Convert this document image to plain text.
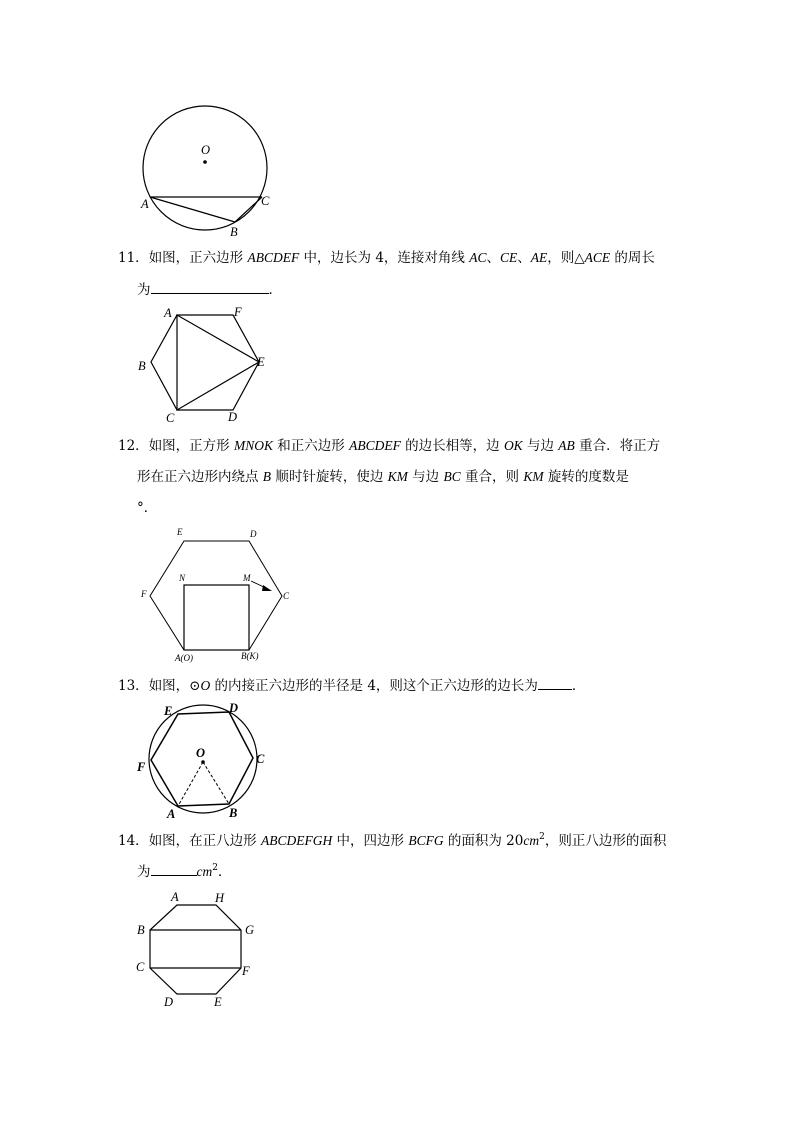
O
A
B
C
11．如图，正六边形 ABCDEF 中，边长为 4，连接对角线 AC、CE、AE，则△ACE 的周长
为	．
A	F
B	E
C	D
12．如图，正方形 MNOK 和正六边形 ABCDEF 的边长相等，边 OK 与边 AB 重合．将正方
形在正六边形内绕点 B 顺时针旋转，使边 KM 与边 BC 重合，则 KM 旋转的度数是
°．
E	D
F	C
N	M
A(O)	B(K)
13．如图，⊙O 的内接正六边形的半径是 4，则这个正六边形的边长为	．
E	D
O
F
C
A	B
14．如图，在正八边形 ABCDEFGH 中，四边形 BCFG 的面积为 $20cm^2$，则正八边形的面积
为	$cm^2$．
A	H
B	G
C	F
D	E
